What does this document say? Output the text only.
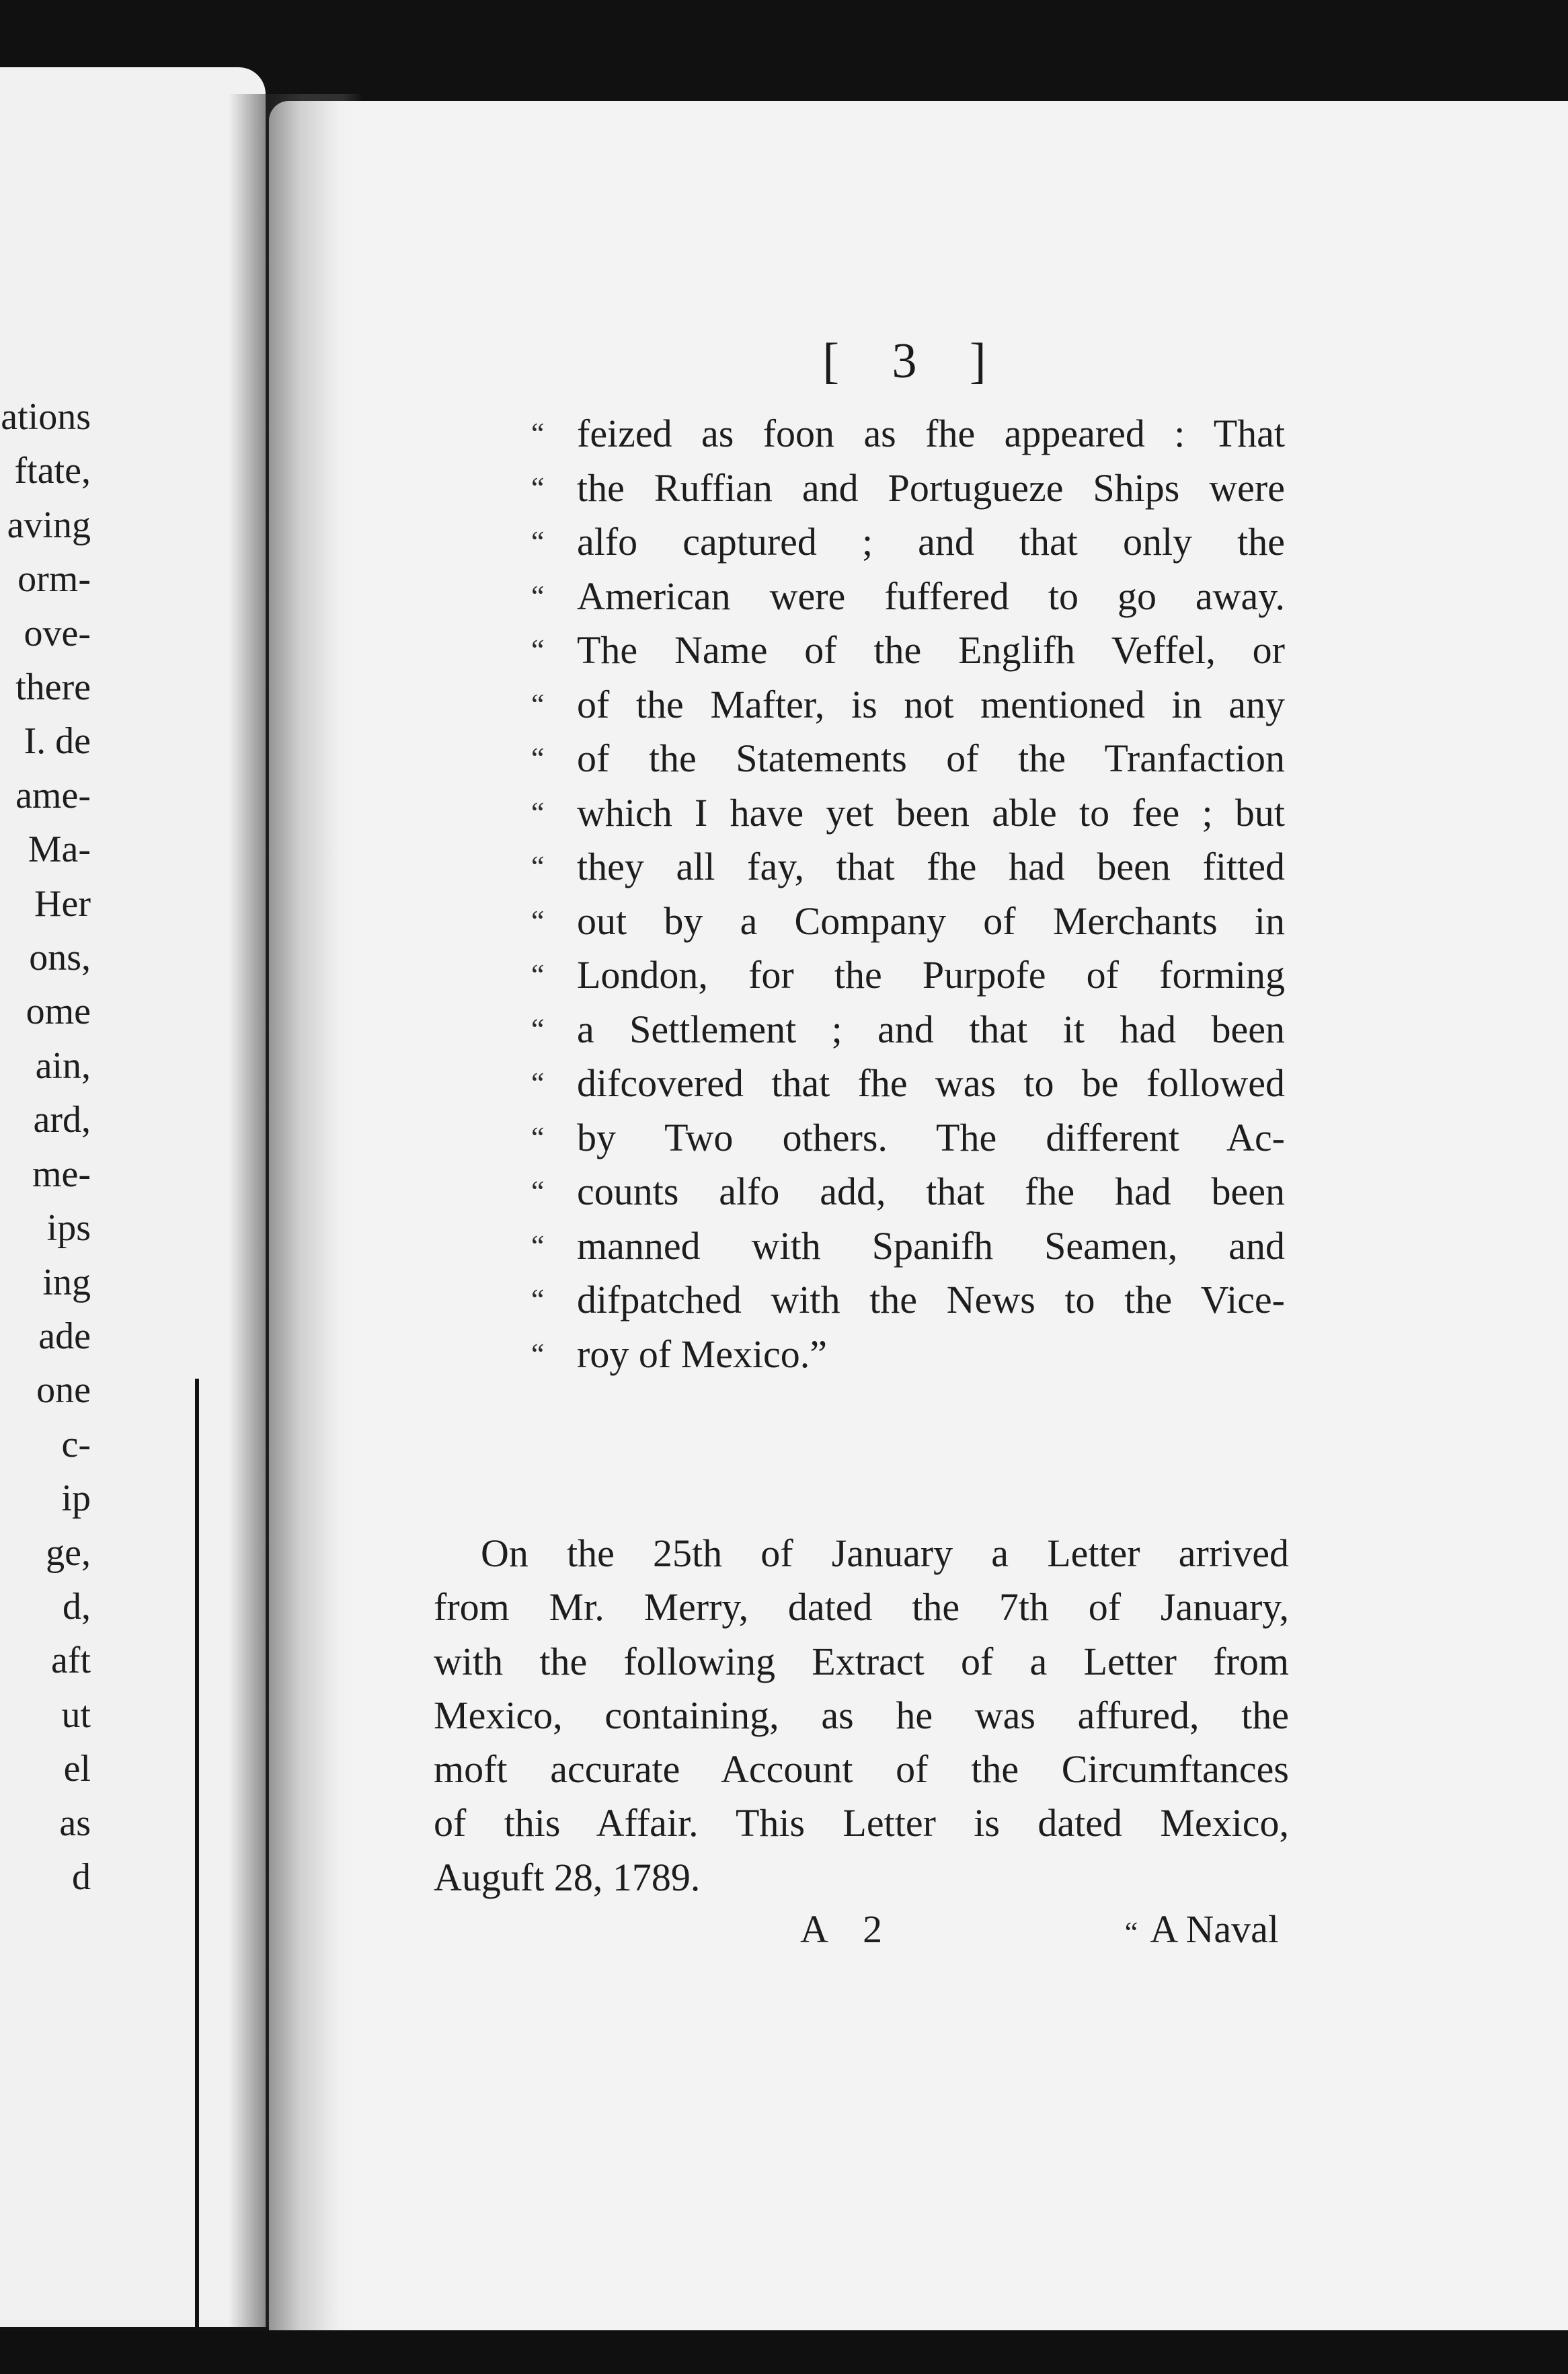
ations
ftate,
aving
orm-
ove-
there
I. de
ame-
Ma-
Her
ons,
ome
ain,
ard,
me-
ips
ing
ade
one
c-
ip
ge,
d,
aft
ut
el
as
d
[ 3 ]
“ feized as foon as fhe appeared : That
“ the Ruffian and Portugueze Ships were
“ alfo captured ; and that only the
“ American were fuffered to go away.
“ The Name of the Englifh Veffel, or
“ of the Mafter, is not mentioned in any
“ of the Statements of the Tranfaction
“ which I have yet been able to fee ; but
“ they all fay, that fhe had been fitted
“ out by a Company of Merchants in
“ London, for the Purpofe of forming
“ a Settlement ; and that it had been
“ difcovered that fhe was to be followed
“ by Two others. The different Ac-
“ counts alfo add, that fhe had been
“ manned with Spanifh Seamen, and
“ difpatched with the News to the Vice-
“ roy of Mexico.”
On the 25th of January a Letter arrived
from Mr. Merry, dated the 7th of January,
with the following Extract of a Letter from
Mexico, containing, as he was affured, the
moft accurate Account of the Circumftances
of this Affair. This Letter is dated Mexico,
Auguft 28, 1789.
A 2	“ A Naval
